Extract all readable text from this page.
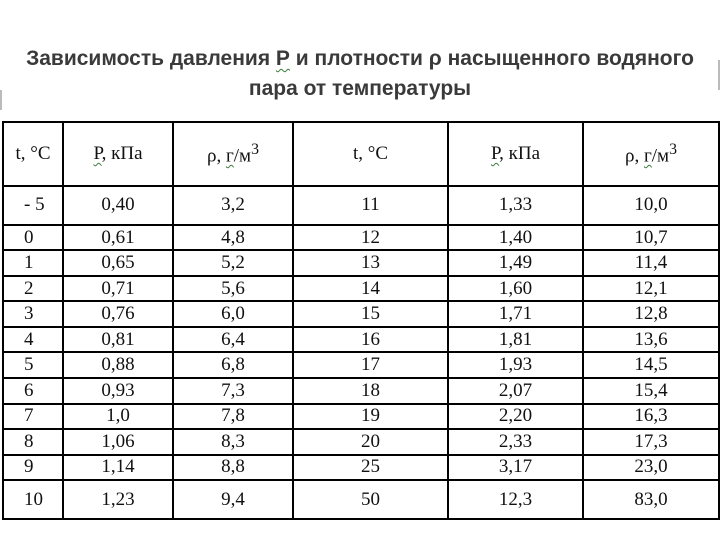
Зависимость давления Р и плотности ρ насыщенного водяного
пара от температуры
t, °C	Р, кПа	ρ, $г/м^3$	t, °C	Р, кПа	ρ, $г/м^3$
- 5	0,40	3,2	11	1,33	10,0
0	0,61	4,8	12	1,40	10,7
1	0,65	5,2	13	1,49	11,4
2	0,71	5,6	14	1,60	12,1
3	0,76	6,0	15	1,71	12,8
4	0,81	6,4	16	1,81	13,6
5	0,88	6,8	17	1,93	14,5
6	0,93	7,3	18	2,07	15,4
7	1,0	7,8	19	2,20	16,3
8	1,06	8,3	20	2,33	17,3
9	1,14	8,8	25	3,17	23,0
10	1,23	9,4	50	12,3	83,0
